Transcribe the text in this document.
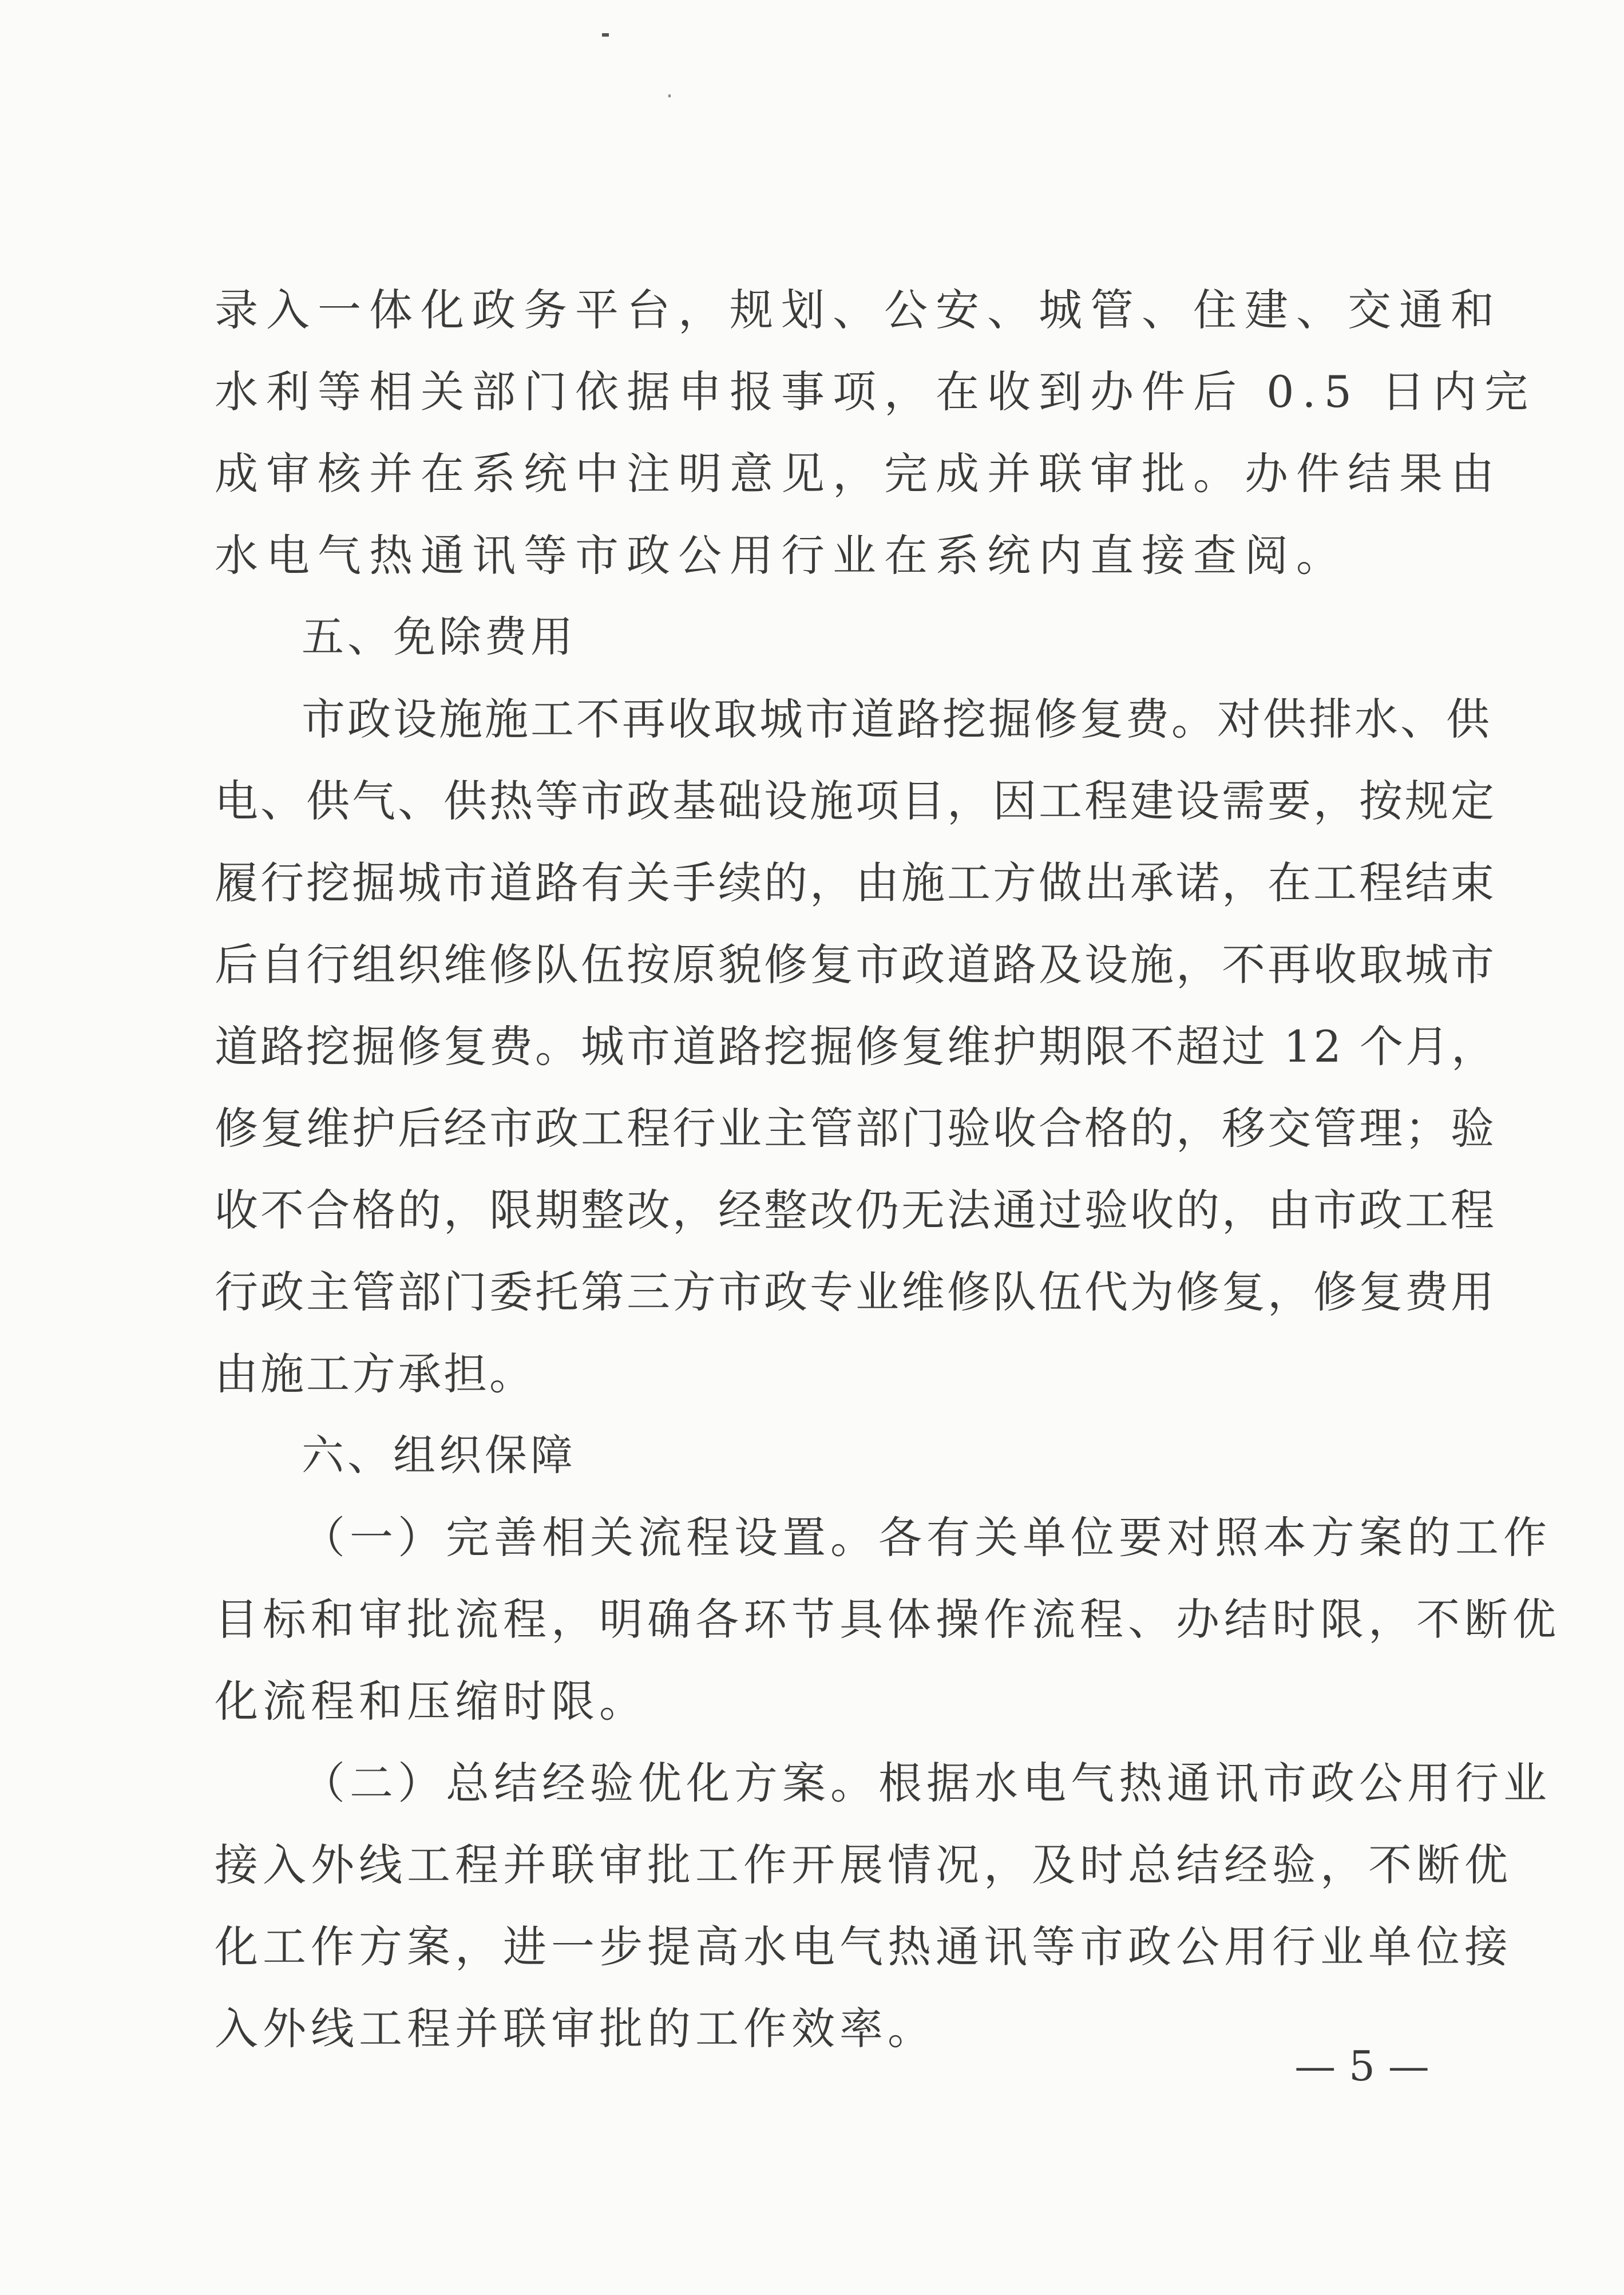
录入一体化政务平台，规划、公安、城管、住建、交通和
水利等相关部门依据申报事项，在收到办件后 0.5 日内完
成审核并在系统中注明意见，完成并联审批。办件结果由
水电气热通讯等市政公用行业在系统内直接查阅。
五、免除费用
市政设施施工不再收取城市道路挖掘修复费。对供排水、供
电、供气、供热等市政基础设施项目，因工程建设需要，按规定
履行挖掘城市道路有关手续的，由施工方做出承诺，在工程结束
后自行组织维修队伍按原貌修复市政道路及设施，不再收取城市
道路挖掘修复费。城市道路挖掘修复维护期限不超过 12 个月，
修复维护后经市政工程行业主管部门验收合格的，移交管理；验
收不合格的，限期整改，经整改仍无法通过验收的，由市政工程
行政主管部门委托第三方市政专业维修队伍代为修复，修复费用
由施工方承担。
六、组织保障
（一）完善相关流程设置。各有关单位要对照本方案的工作
目标和审批流程，明确各环节具体操作流程、办结时限，不断优
化流程和压缩时限。
（二）总结经验优化方案。根据水电气热通讯市政公用行业
接入外线工程并联审批工作开展情况，及时总结经验，不断优
化工作方案，进一步提高水电气热通讯等市政公用行业单位接
入外线工程并联审批的工作效率。
— 5 —
